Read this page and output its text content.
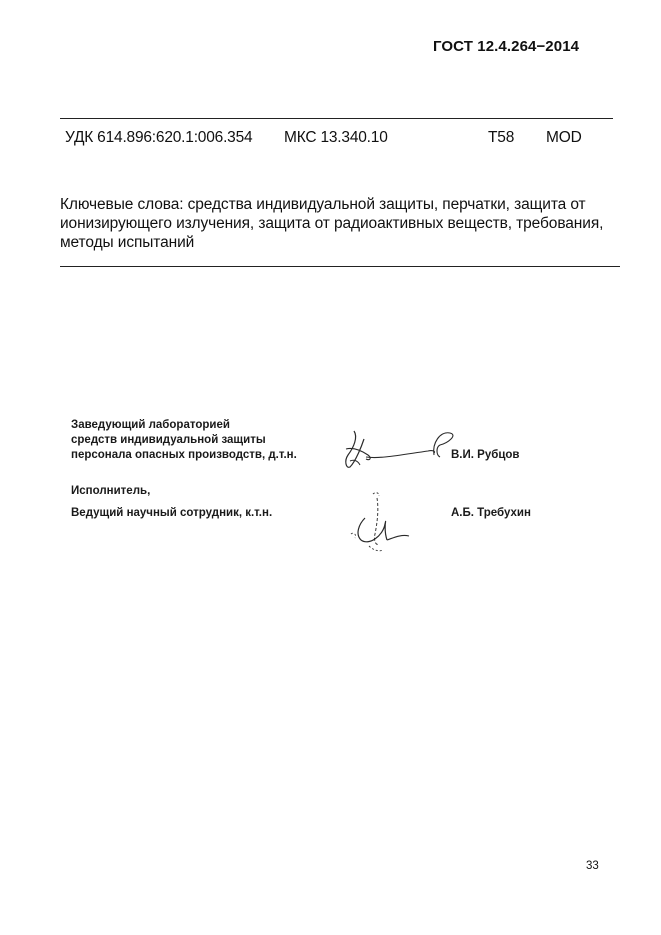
ГОСТ 12.4.264−2014
УДК 614.896:620.1:006.354 МКС 13.340.10	Т58 MOD
Ключевые слова: средства индивидуальной защиты, перчатки, защита от ионизирующего излучения, защита от радиоактивных веществ, требования, методы испытаний
Заведующий лабораторией
средств индивидуальной защиты
персонала опасных производств, д.т.н.	В.И. Рубцов
Исполнитель,
Ведущий научный сотрудник, к.т.н.	А.Б. Требухин
33
